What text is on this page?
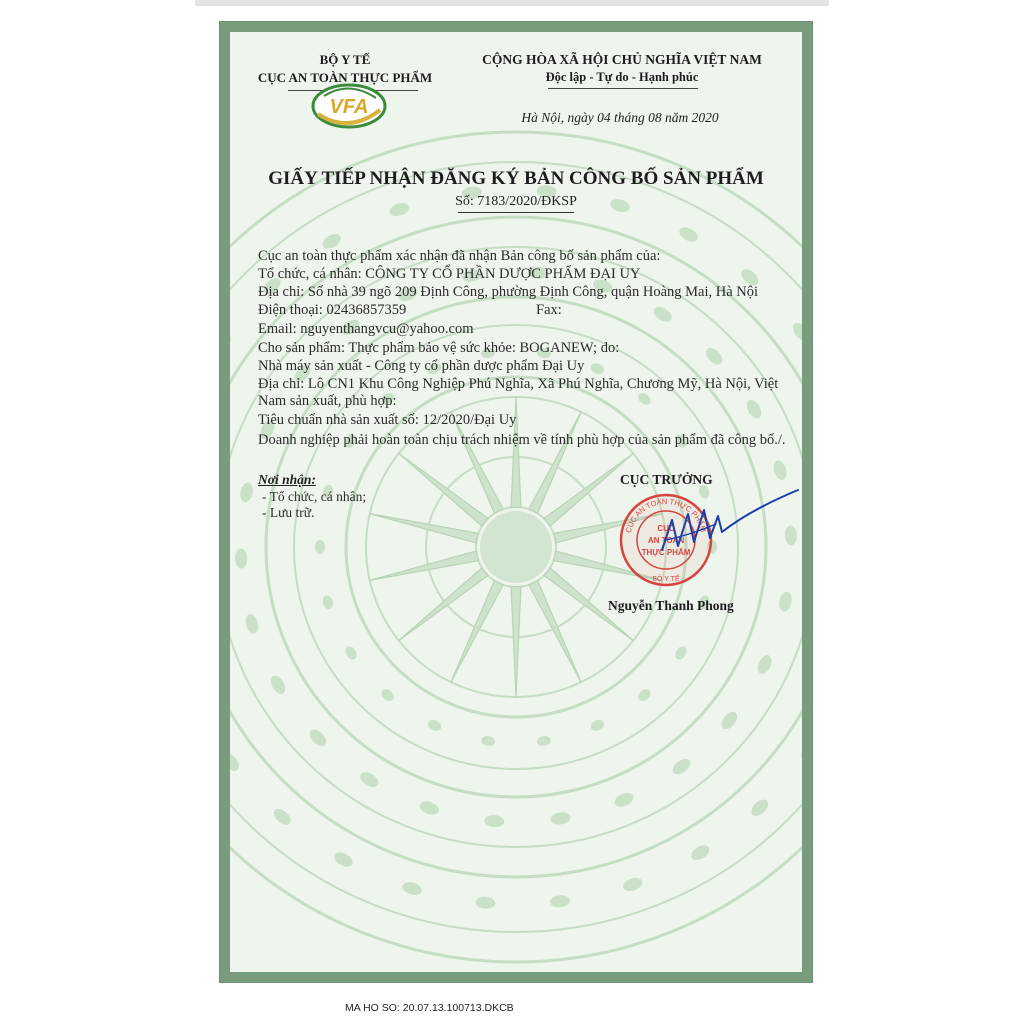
BỘ Y TẾ
CỤC AN TOÀN THỰC PHẨM
VFA
CỘNG HÒA XÃ HỘI CHỦ NGHĨA VIỆT NAM
Độc lập - Tự do - Hạnh phúc
Hà Nội, ngày 04 tháng 08 năm 2020
GIẤY TIẾP NHẬN ĐĂNG KÝ BẢN CÔNG BỐ SẢN PHẨM
Số: 7183/2020/ĐKSP
Cục an toàn thực phẩm xác nhận đã nhận Bản công bố sản phẩm của:
Tổ chức, cá nhân: CÔNG TY CỔ PHẦN DƯỢC PHẨM ĐẠI UY
Địa chỉ: Số nhà 39 ngõ 209 Định Công, phường Định Công, quận Hoàng Mai, Hà Nội
Điện thoại: 02436857359	Fax:
Email: nguyenthangvcu@yahoo.com
Cho sản phẩm: Thực phẩm bảo vệ sức khỏe: BOGANEW; do:
Nhà máy sản xuất - Công ty cổ phần dược phẩm Đại Uy
Địa chỉ: Lô CN1 Khu Công Nghiệp Phú Nghĩa, Xã Phú Nghĩa, Chương Mỹ, Hà Nội, Việt
Nam sản xuất, phù hợp:
Tiêu chuẩn nhà sản xuất số: 12/2020/Đại Uy
Doanh nghiệp phải hoàn toàn chịu trách nhiệm về tính phù hợp của sản phẩm đã công bố./.
Nơi nhận:
- Tổ chức, cá nhân;
- Lưu trữ.
CỤC TRƯỞNG
CỤC AN TOÀN THỰC PHẨM
BỘ Y TẾ
CỤC
AN TOÀN
THỰC PHẨM
Nguyễn Thanh Phong
MA HO SO: 20.07.13.100713.DKCB
